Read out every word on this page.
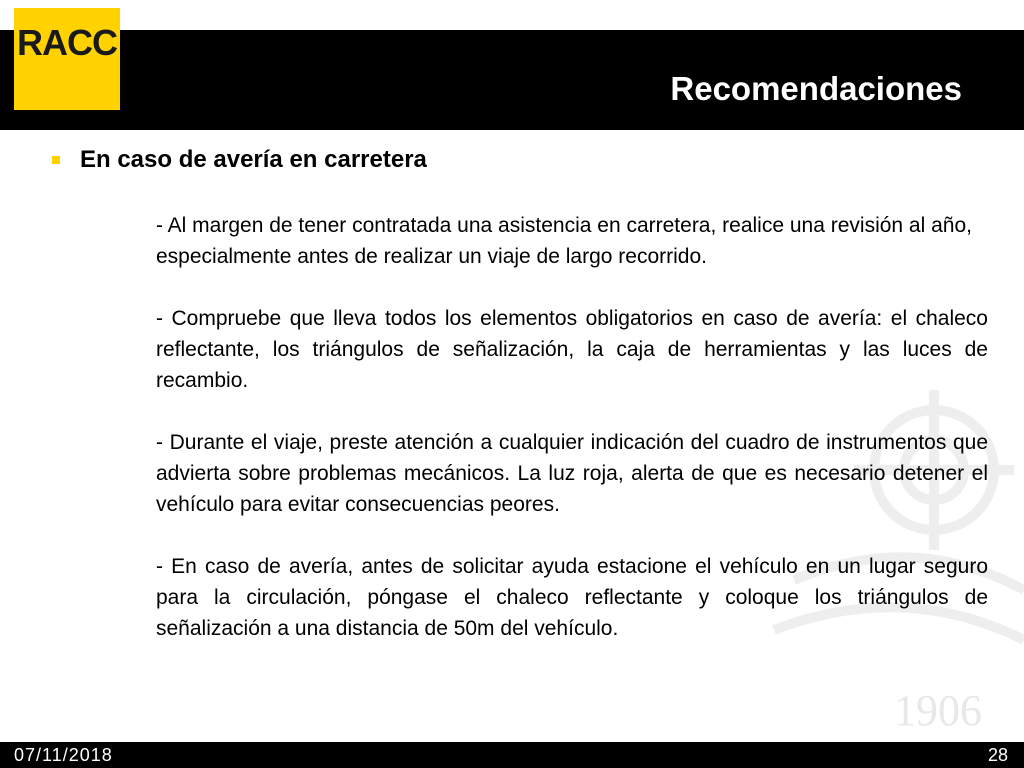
RACC
Recomendaciones
1906
En caso de avería en carretera

- Al margen de tener contratada una asistencia en carretera, realice una revisión al año, especialmente antes de realizar un viaje de largo recorrido.

- Compruebe que lleva todos los elementos obligatorios en caso de avería: el chaleco reflectante, los triángulos de señalización, la caja de herramientas y las luces de recambio.

- Durante el viaje, preste atención a cualquier indicación del cuadro de instrumentos que advierta sobre problemas mecánicos. La luz roja, alerta de que es necesario detener el vehículo para evitar consecuencias peores.

- En caso de avería, antes de solicitar ayuda estacione el vehículo en un lugar seguro para la circulación, póngase el chaleco reflectante y coloque los triángulos de señalización a una distancia de 50m del vehículo.

07/11/2018	28
